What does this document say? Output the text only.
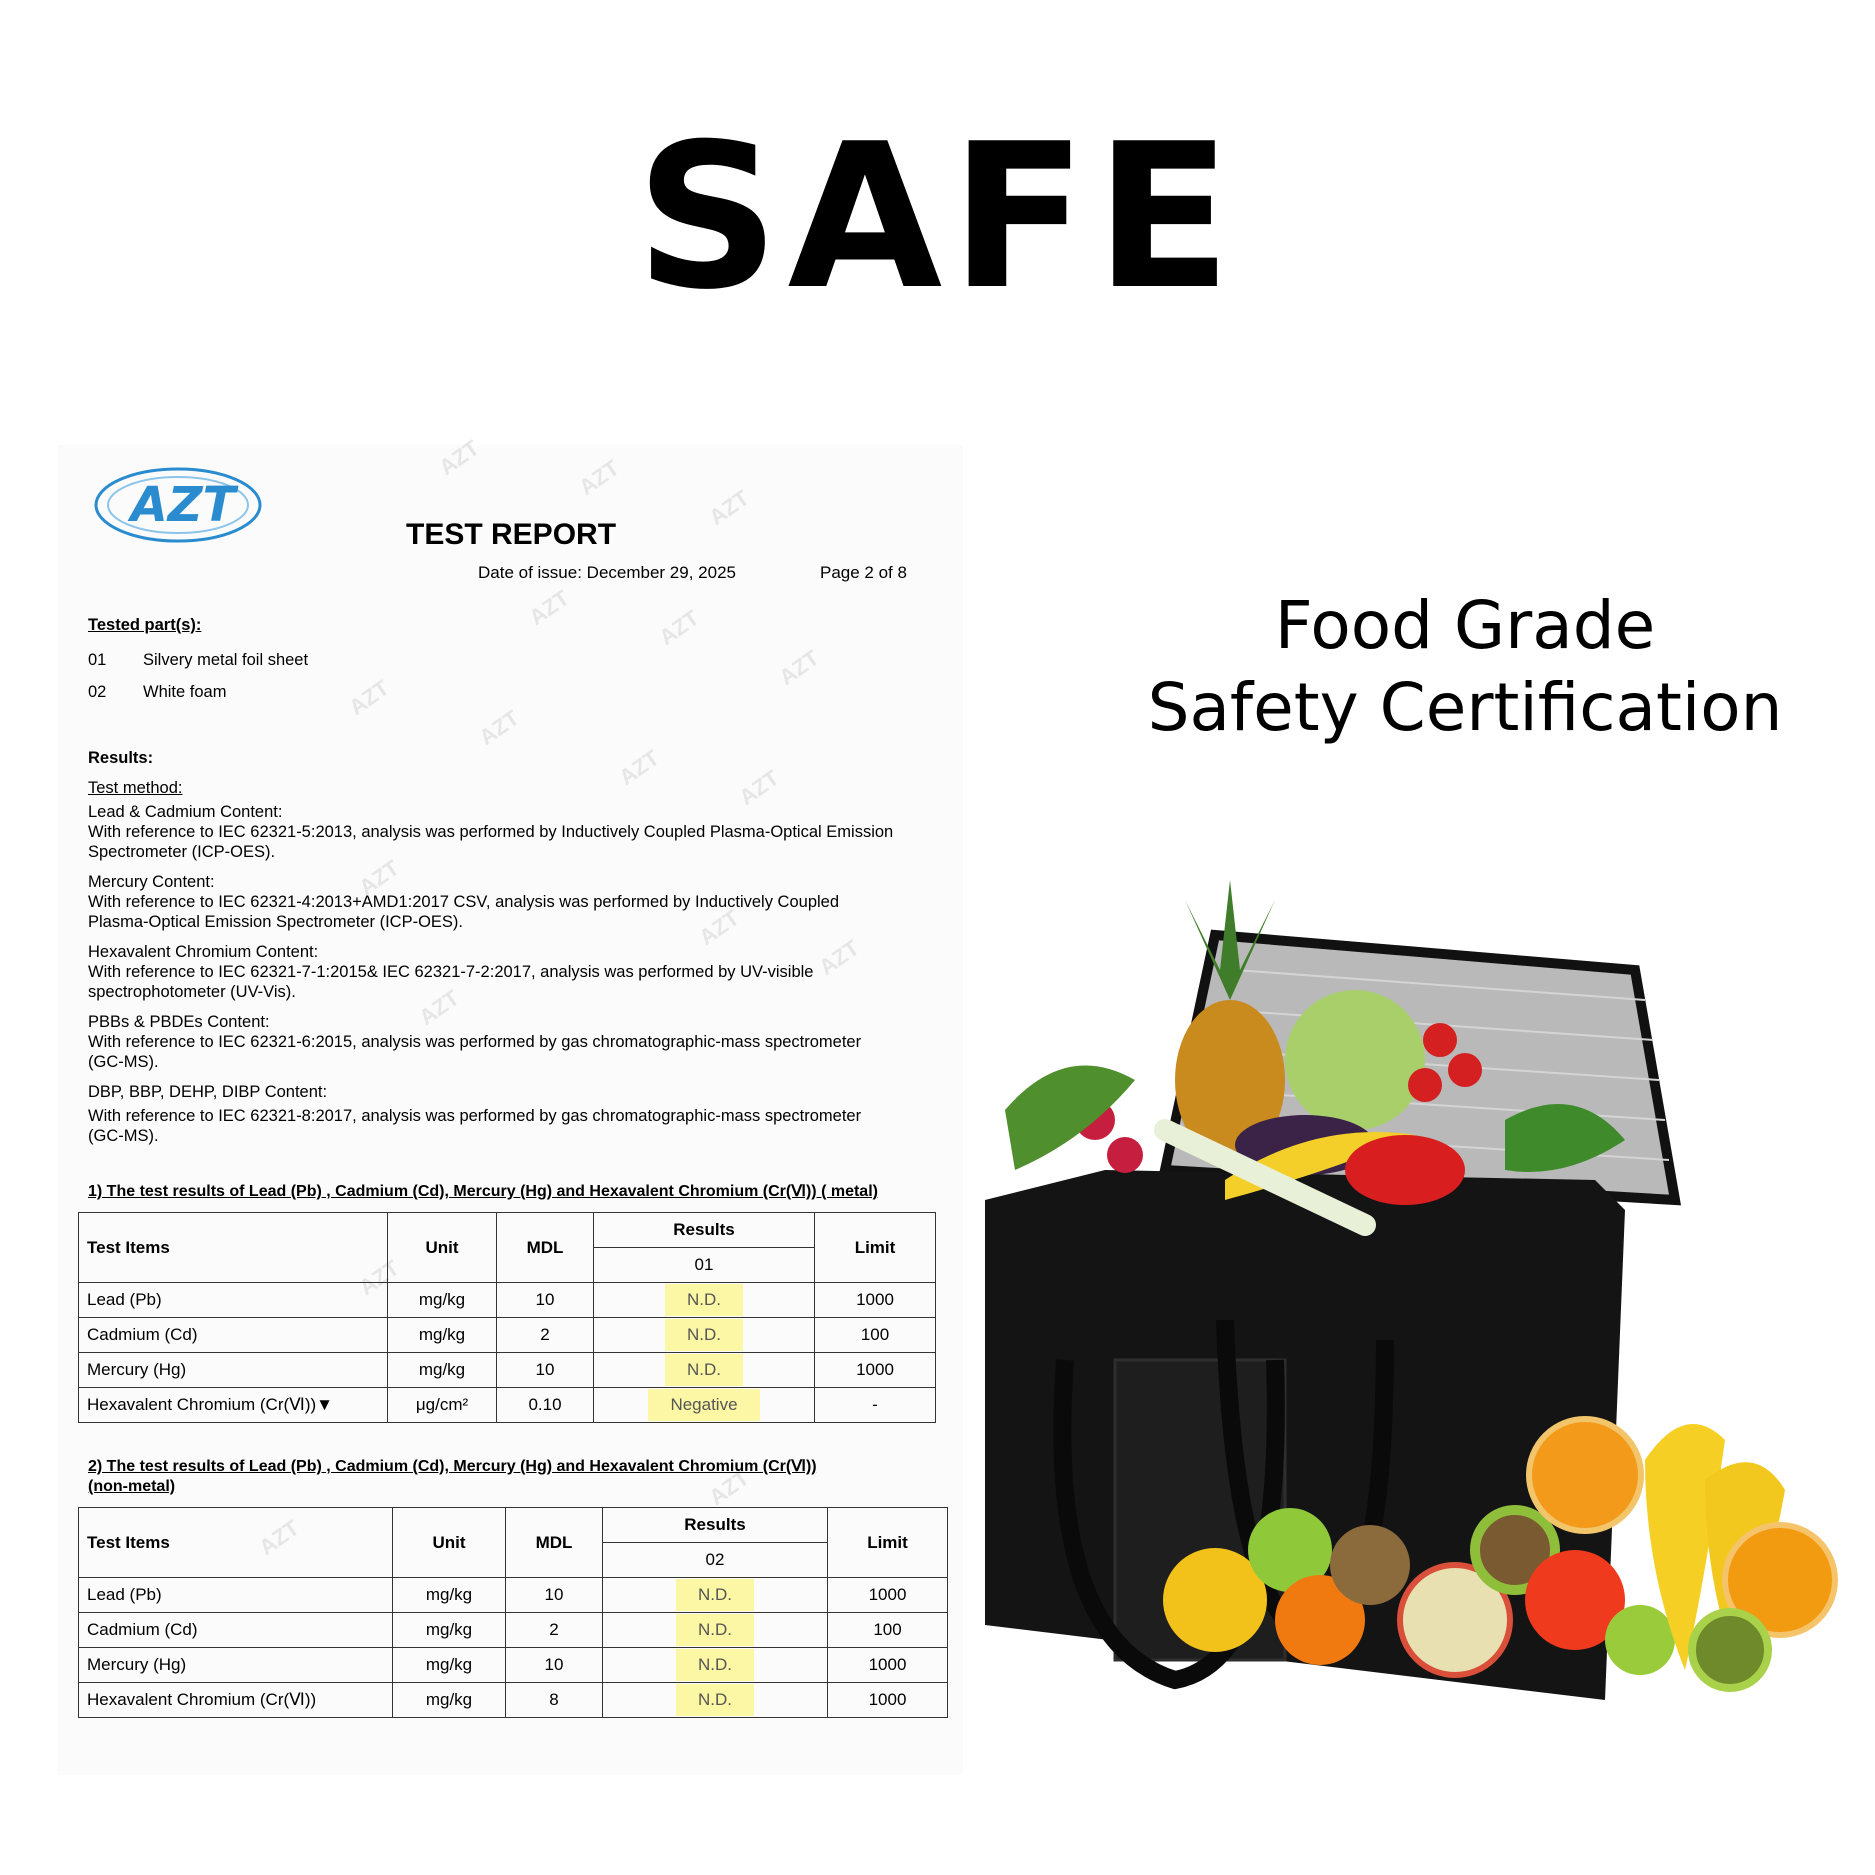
SAFE
Food Grade
Safety Certification
AZT	AZT
AZT
AZT	AZT
AZT
AZT
AZT
AZT	AZT
AZT
AZT
AZT
AZT
AZT
AZT
AZT
AZT
TEST REPORT
Date of issue: December 29, 2025	Page 2 of 8
Tested part(s):
01 Silvery metal foil sheet
02 White foam
Results:
Test method:
Lead & Cadmium Content:
With reference to IEC 62321-5:2013, analysis was performed by Inductively Coupled Plasma-Optical Emission
Spectrometer (ICP-OES).
Mercury Content:
With reference to IEC 62321-4:2013+AMD1:2017 CSV, analysis was performed by Inductively Coupled
Plasma-Optical Emission Spectrometer (ICP-OES).
Hexavalent Chromium Content:
With reference to IEC 62321-7-1:2015& IEC 62321-7-2:2017, analysis was performed by UV-visible
spectrophotometer (UV-Vis).
PBBs & PBDEs Content:
With reference to IEC 62321-6:2015, analysis was performed by gas chromatographic-mass spectrometer
(GC-MS).
DBP, BBP, DEHP, DIBP Content:
With reference to IEC 62321-8:2017, analysis was performed by gas chromatographic-mass spectrometer
(GC-MS).
1) The test results of Lead (Pb) , Cadmium (Cd), Mercury (Hg) and Hexavalent Chromium (Cr(Ⅵ)) ( metal)
Test Items	Unit	MDL	Results	Limit
			01	
Lead (Pb)	mg/kg	10	N.D.	1000
Cadmium (Cd)	mg/kg	2	N.D.	100
Mercury (Hg)	mg/kg	10	N.D.	1000
Hexavalent Chromium (Cr(Ⅵ))▼	μg/cm²	0.10	Negative	-
2) The test results of Lead (Pb) , Cadmium (Cd), Mercury (Hg) and Hexavalent Chromium (Cr(Ⅵ))
(non-metal)
Test Items	Unit	MDL	Results	Limit
			02	
Lead (Pb)	mg/kg	10	N.D.	1000
Cadmium (Cd)	mg/kg	2	N.D.	100
Mercury (Hg)	mg/kg	10	N.D.	1000
Hexavalent Chromium (Cr(Ⅵ))	mg/kg	8	N.D.	1000
